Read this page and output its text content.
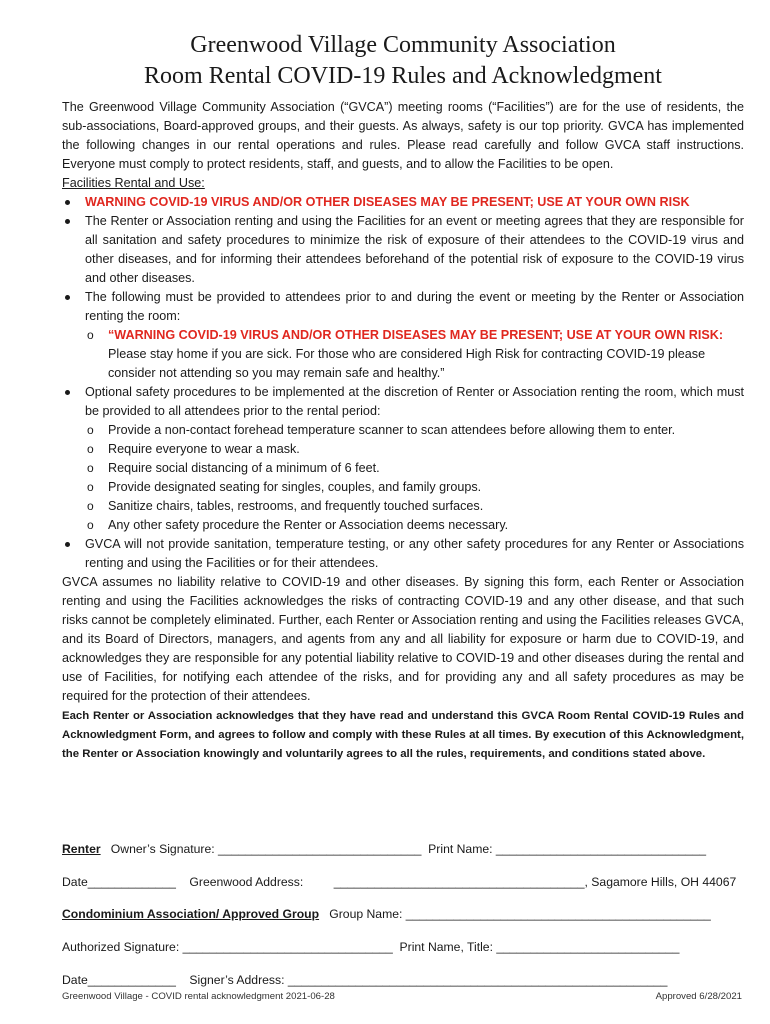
Greenwood Village Community Association
Room Rental COVID-19 Rules and Acknowledgment

The Greenwood Village Community Association (“GVCA”) meeting rooms (“Facilities”) are for the use of residents, the sub-associations, Board-approved groups, and their guests. As always, safety is our top priority. GVCA has implemented the following changes in our rental operations and rules. Please read carefully and follow GVCA staff instructions. Everyone must comply to protect residents, staff, and guests, and to allow the Facilities to be open.

Facilities Rental and Use:

WARNING COVID-19 VIRUS AND/OR OTHER DISEASES MAY BE PRESENT; USE AT YOUR OWN RISK
The Renter or Association renting and using the Facilities for an event or meeting agrees that they are responsible for all sanitation and safety procedures to minimize the risk of exposure of their attendees to the COVID-19 virus and other diseases, and for informing their attendees beforehand of the potential risk of exposure to the COVID-19 virus and other diseases.
The following must be provided to attendees prior to and during the event or meeting by the Renter or Association renting the room:
o “WARNING COVID-19 VIRUS AND/OR OTHER DISEASES MAY BE PRESENT; USE AT YOUR OWN RISK: Please stay home if you are sick. For those who are considered High Risk for contracting COVID-19 please consider not attending so you may remain safe and healthy.”
Optional safety procedures to be implemented at the discretion of Renter or Association renting the room, which must be provided to all attendees prior to the rental period:
o Provide a non-contact forehead temperature scanner to scan attendees before allowing them to enter.
o Require everyone to wear a mask.
o Require social distancing of a minimum of 6 feet.
o Provide designated seating for singles, couples, and family groups.
o Sanitize chairs, tables, restrooms, and frequently touched surfaces.
o Any other safety procedure the Renter or Association deems necessary.
GVCA will not provide sanitation, temperature testing, or any other safety procedures for any Renter or Associations renting and using the Facilities or for their attendees.

GVCA assumes no liability relative to COVID-19 and other diseases. By signing this form, each Renter or Association renting and using the Facilities acknowledges the risks of contracting COVID-19 and any other disease, and that such risks cannot be completely eliminated. Further, each Renter or Association renting and using the Facilities releases GVCA, and its Board of Directors, managers, and agents from any and all liability for exposure or harm due to COVID-19, and acknowledges they are responsible for any potential liability relative to COVID-19 and other diseases during the rental and use of Facilities, for notifying each attendee of the risks, and for providing any and all safety procedures as may be required for the protection of their attendees.

Each Renter or Association acknowledges that they have read and understand this GVCA Room Rental COVID-19 Rules and Acknowledgment Form, and agrees to follow and comply with these Rules at all times. By execution of this Acknowledgment, the Renter or Association knowingly and voluntarily agrees to all the rules, requirements, and conditions stated above.

Renter Owner’s Signature: ______________________________ Print Name: _______________________________
Date_____________ Greenwood Address: _____________________________________, Sagamore Hills, OH 44067
Condominium Association/ Approved Group Group Name: _____________________________________________
Authorized Signature: _______________________________ Print Name, Title: ___________________________
Date_____________ Signer’s Address: ________________________________________________________
Greenwood Village - COVID rental acknowledgment 2021-06-28	Approved 6/28/2021
